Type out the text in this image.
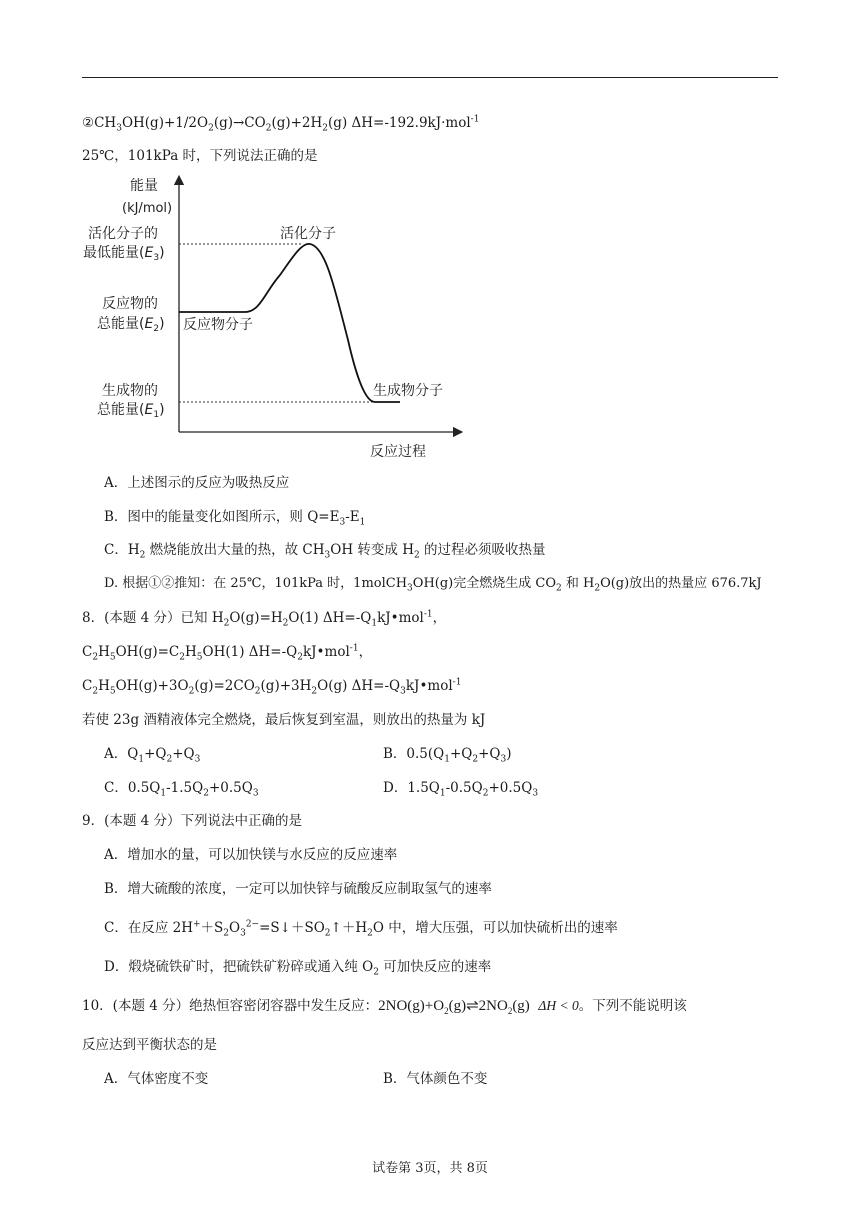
$②CH_3OH(g)+1/2O_2(g)\to CO_2(g)+2H_2(g)$ ΔH=-192.9kJ·mol$^{-1}$
25℃，101kPa 时，下列说法正确的是
能量
(kJ/mol)
活化分子的
最低能量$(E_3)$
反应物的
总能量$(E_2)$
生成物的
总能量$(E_1)$
活化分子
反应物分子
生成物分子
反应过程
A．上述图示的反应为吸热反应
B．图中的能量变化如图所示，则 $Q=E_3-E_1$
C．$H_2$ 燃烧能放出大量的热，故 $CH_3OH$ 转变成 $H_2$ 的过程必须吸收热量
D. 根据①②推知：在 25℃，101kPa 时，1molCH$_3$OH(g)完全燃烧生成 $CO_2$ 和 $H_2O(g)$放出的热量应 676.7kJ
8．(本题 4 分）已知 $H_2O(g)=H_2O(1)$ $\Delta H=-Q_1kJ•mol^{-1}$，
$C_2H_5OH(g)=C_2H_5OH(1)$ $\Delta H=-Q_2kJ•mol^{-1}$，
$C_2H_5OH(g)+3O_2(g)=2CO_2(g)+3H_2O(g)$ $\Delta H=-Q_3kJ•mol^{-1}$
若使 23g 酒精液体完全燃烧，最后恢复到室温，则放出的热量为 kJ
A．$Q_1+Q_2+Q_3$	B．$0.5(Q_1+Q_2+Q_3)$
C．$0.5Q_1-1.5Q_2+0.5Q_3$	D．$1.5Q_1-0.5Q_2+0.5Q_3$
9．(本题 4 分）下列说法中正确的是
A．增加水的量，可以加快镁与水反应的反应速率
B．增大硫酸的浓度，一定可以加快锌与硫酸反应制取氢气的速率
C．在反应 $2H^++S_2O_3^{2-}=S↓+SO_2↑+H_2O$ 中，增大压强，可以加快硫析出的速率
D．煅烧硫铁矿时，把硫铁矿粉碎或通入纯 $O_2$ 可加快反应的速率
10．(本题 4 分）绝热恒容密闭容器中发生反应：$2NO(g)+O_2(g)\rightleftharpoons 2NO_2(g) \Delta H < 0$。下列不能说明该
反应达到平衡状态的是
A．气体密度不变	B．气体颜色不变
试卷第 3页，共 8页
